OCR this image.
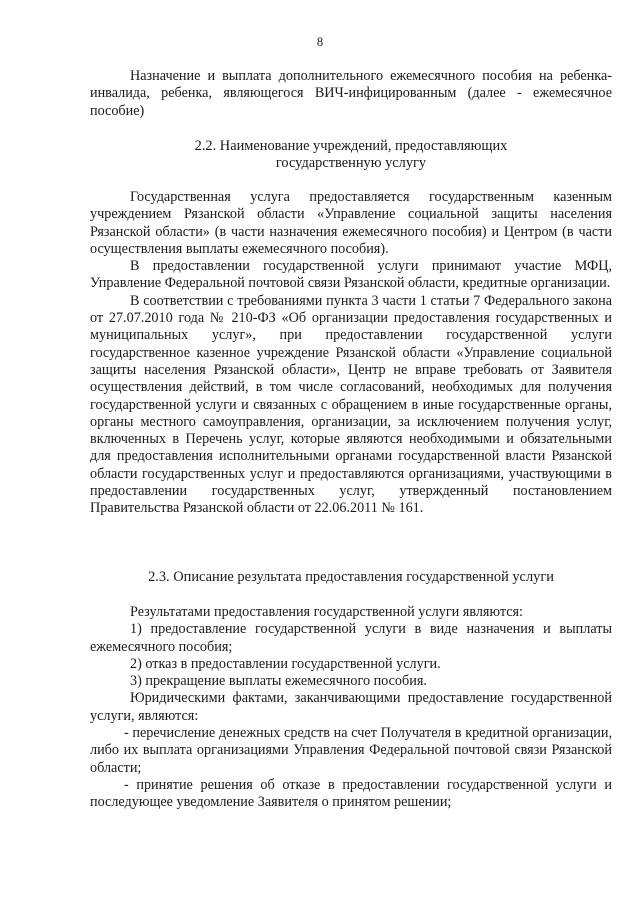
8

Назначение и выплата дополнительного ежемесячного пособия на ребенка-инвалида, ребенка, являющегося ВИЧ-инфицированным (далее - ежемесячное пособие)

2.2. Наименование учреждений, предоставляющих

государственную услугу

Государственная услуга предоставляется государственным казенным учреждением Рязанской области «Управление социальной защиты населения Рязанской области» (в части назначения ежемесячного пособия) и Центром (в части осуществления выплаты ежемесячного пособия).

В предоставлении государственной услуги принимают участие МФЦ, Управление Федеральной почтовой связи Рязанской области, кредитные организации.

В соответствии с требованиями пункта 3 части 1 статьи 7 Федерального закона от 27.07.2010 года № 210-ФЗ «Об организации предоставления государственных и муниципальных услуг», при предоставлении государственной услуги государственное казенное учреждение Рязанской области «Управление социальной защиты населения Рязанской области», Центр не вправе требовать от Заявителя осуществления действий, в том числе согласований, необходимых для получения государственной услуги и связанных с обращением в иные государственные органы, органы местного самоуправления, организации, за исключением получения услуг, включенных в Перечень услуг, которые являются необходимыми и обязательными для предоставления исполнительными органами государственной власти Рязанской области государственных услуг и предоставляются организациями, участвующими в предоставлении государственных услуг, утвержденный постановлением Правительства Рязанской области от 22.06.2011 № 161.

2.3. Описание результата предоставления государственной услуги

Результатами предоставления государственной услуги являются:

1) предоставление государственной услуги в виде назначения и выплаты ежемесячного пособия;

2) отказ в предоставлении государственной услуги.

3) прекращение выплаты ежемесячного пособия.

Юридическими фактами, заканчивающими предоставление государственной услуги, являются:

- перечисление денежных средств на счет Получателя в кредитной организации, либо их выплата организациями Управления Федеральной почтовой связи Рязанской области;

- принятие решения об отказе в предоставлении государственной услуги и последующее уведомление Заявителя о принятом решении;
